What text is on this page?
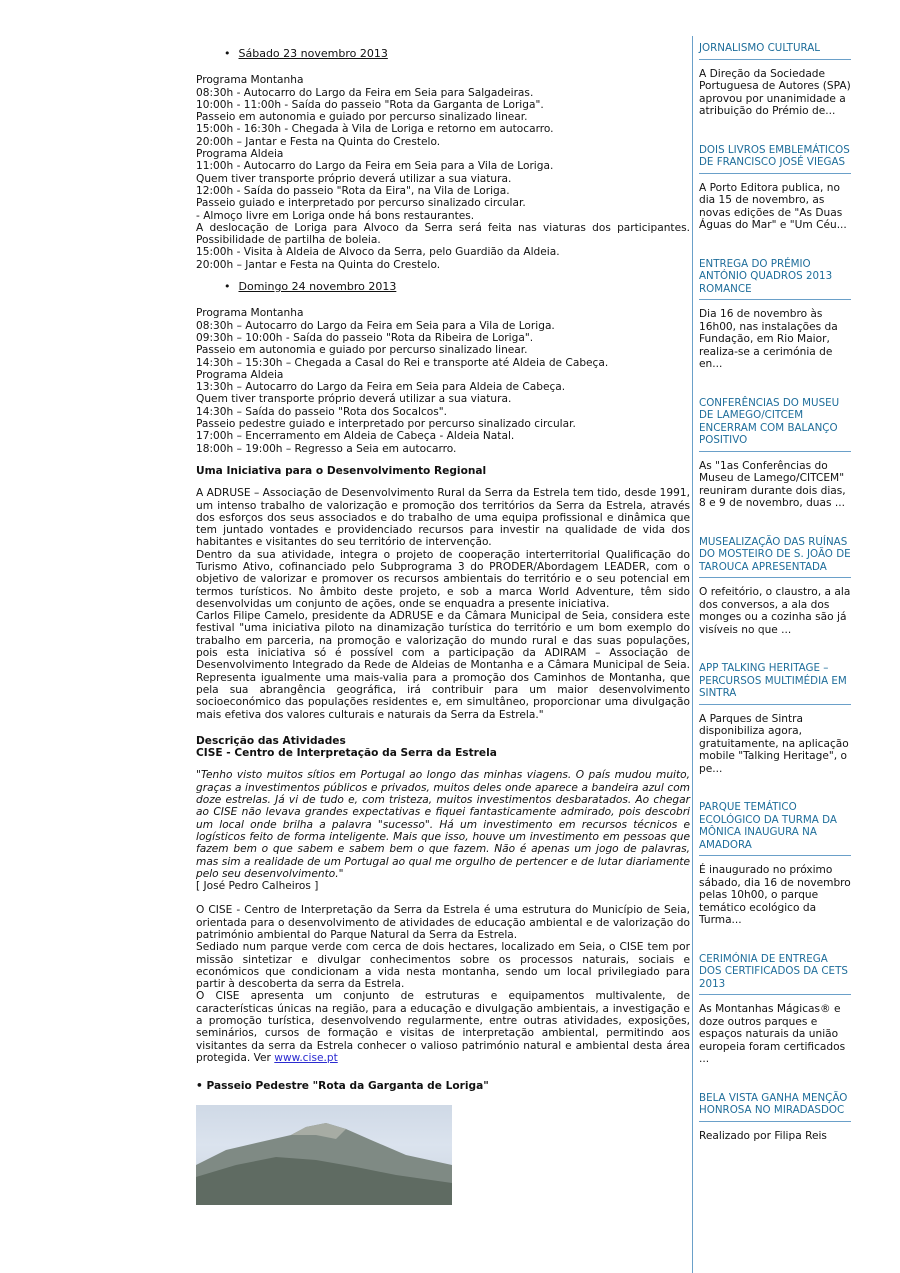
• Sábado 23 novembro 2013
Programa Montanha
08:30h - Autocarro do Largo da Feira em Seia para Salgadeiras.
10:00h - 11:00h - Saída do passeio "Rota da Garganta de Loriga".
Passeio em autonomia e guiado por percurso sinalizado linear.
15:00h - 16:30h - Chegada à Vila de Loriga e retorno em autocarro.
20:00h – Jantar e Festa na Quinta do Crestelo.
Programa Aldeia
11:00h - Autocarro do Largo da Feira em Seia para a Vila de Loriga.
Quem tiver transporte próprio deverá utilizar a sua viatura.
12:00h - Saída do passeio "Rota da Eira", na Vila de Loriga.
Passeio guiado e interpretado por percurso sinalizado circular.
- Almoço livre em Loriga onde há bons restaurantes.
A deslocação de Loriga para Alvoco da Serra será feita nas viaturas dos participantes. Possibilidade de partilha de boleia.
15:00h - Visita à Aldeia de Alvoco da Serra, pelo Guardião da Aldeia.
20:00h – Jantar e Festa na Quinta do Crestelo.
• Domingo 24 novembro 2013
Programa Montanha
08:30h – Autocarro do Largo da Feira em Seia para a Vila de Loriga.
09:30h – 10:00h - Saída do passeio "Rota da Ribeira de Loriga".
Passeio em autonomia e guiado por percurso sinalizado linear.
14:30h – 15:30h – Chegada a Casal do Rei e transporte até Aldeia de Cabeça.
Programa Aldeia
13:30h – Autocarro do Largo da Feira em Seia para Aldeia de Cabeça.
Quem tiver transporte próprio deverá utilizar a sua viatura.
14:30h – Saída do passeio "Rota dos Socalcos".
Passeio pedestre guiado e interpretado por percurso sinalizado circular.
17:00h – Encerramento em Aldeia de Cabeça - Aldeia Natal.
18:00h – 19:00h – Regresso a Seia em autocarro.
Uma Iniciativa para o Desenvolvimento Regional
A ADRUSE – Associação de Desenvolvimento Rural da Serra da Estrela tem tido, desde 1991, um intenso trabalho de valorização e promoção dos territórios da Serra da Estrela, através dos esforços dos seus associados e do trabalho de uma equipa profissional e dinâmica que tem juntado vontades e providenciado recursos para investir na qualidade de vida dos habitantes e visitantes do seu território de intervenção.
Dentro da sua atividade, integra o projeto de cooperação interterritorial Qualificação do Turismo Ativo, cofinanciado pelo Subprograma 3 do PRODER/Abordagem LEADER, com o objetivo de valorizar e promover os recursos ambientais do território e o seu potencial em termos turísticos. No âmbito deste projeto, e sob a marca World Adventure, têm sido desenvolvidas um conjunto de ações, onde se enquadra a presente iniciativa.
Carlos Filipe Camelo, presidente da ADRUSE e da Câmara Municipal de Seia, considera este festival "uma iniciativa piloto na dinamização turística do território e um bom exemplo do trabalho em parceria, na promoção e valorização do mundo rural e das suas populações, pois esta iniciativa só é possível com a participação da ADIRAM – Associação de Desenvolvimento Integrado da Rede de Aldeias de Montanha e a Câmara Municipal de Seia. Representa igualmente uma mais-valia para a promoção dos Caminhos de Montanha, que pela sua abrangência geográfica, irá contribuir para um maior desenvolvimento socioeconómico das populações residentes e, em simultâneo, proporcionar uma divulgação mais efetiva dos valores culturais e naturais da Serra da Estrela."
Descrição das Atividades
CISE - Centro de Interpretação da Serra da Estrela
"Tenho visto muitos sítios em Portugal ao longo das minhas viagens. O país mudou muito, graças a investimentos públicos e privados, muitos deles onde aparece a bandeira azul com doze estrelas. Já vi de tudo e, com tristeza, muitos investimentos desbaratados. Ao chegar ao CISE não levava grandes expectativas e fiquei fantasticamente admirado, pois descobri um local onde brilha a palavra "sucesso". Há um investimento em recursos técnicos e logísticos feito de forma inteligente. Mais que isso, houve um investimento em pessoas que fazem bem o que sabem e sabem bem o que fazem. Não é apenas um jogo de palavras, mas sim a realidade de um Portugal ao qual me orgulho de pertencer e de lutar diariamente pelo seu desenvolvimento."
[ José Pedro Calheiros ]
O CISE - Centro de Interpretação da Serra da Estrela é uma estrutura do Município de Seia, orientada para o desenvolvimento de atividades de educação ambiental e de valorização do património ambiental do Parque Natural da Serra da Estrela.
Sediado num parque verde com cerca de dois hectares, localizado em Seia, o CISE tem por missão sintetizar e divulgar conhecimentos sobre os processos naturais, sociais e económicos que condicionam a vida nesta montanha, sendo um local privilegiado para partir à descoberta da serra da Estrela.
O CISE apresenta um conjunto de estruturas e equipamentos multivalente, de características únicas na região, para a educação e divulgação ambientais, a investigação e a promoção turística, desenvolvendo regularmente, entre outras atividades, exposições, seminários, cursos de formação e visitas de interpretação ambiental, permitindo aos visitantes da serra da Estrela conhecer o valioso património natural e ambiental desta área protegida. Ver www.cise.pt
• Passeio Pedestre "Rota da Garganta de Loriga"
JORNALISMO CULTURAL
A Direção da Sociedade Portuguesa de Autores (SPA) aprovou por unanimidade a atribuição do Prémio de...
DOIS LIVROS EMBLEMÁTICOS DE FRANCISCO JOSÉ VIEGAS
A Porto Editora publica, no dia 15 de novembro, as novas edições de "As Duas Águas do Mar" e "Um Céu...
ENTREGA DO PRÉMIO ANTÓNIO QUADROS 2013 ROMANCE
Dia 16 de novembro às 16h00, nas instalações da Fundação, em Rio Maior, realiza-se a cerimónia de en...
CONFERÊNCIAS DO MUSEU DE LAMEGO/CITCEM ENCERRAM COM BALANÇO POSITIVO
As "1as Conferências do Museu de Lamego/CITCEM" reuniram durante dois dias, 8 e 9 de novembro, duas ...
MUSEALIZAÇÃO DAS RUÍNAS DO MOSTEIRO DE S. JOÃO DE TAROUCA APRESENTADA
O refeitório, o claustro, a ala dos conversos, a ala dos monges ou a cozinha são já visíveis no que ...
APP TALKING HERITAGE – PERCURSOS MULTIMÉDIA EM SINTRA
A Parques de Sintra disponibiliza agora, gratuitamente, na aplicação mobile "Talking Heritage", o pe...
PARQUE TEMÁTICO ECOLÓGICO DA TURMA DA MÔNICA INAUGURA NA AMADORA
É inaugurado no próximo sábado, dia 16 de novembro pelas 10h00, o parque temático ecológico da Turma...
CERIMÓNIA DE ENTREGA DOS CERTIFICADOS DA CETS 2013
As Montanhas Mágicas® e doze outros parques e espaços naturais da união europeia foram certificados ...
BELA VISTA GANHA MENÇÃO HONROSA NO MIRADASDOC
Realizado por Filipa Reis
